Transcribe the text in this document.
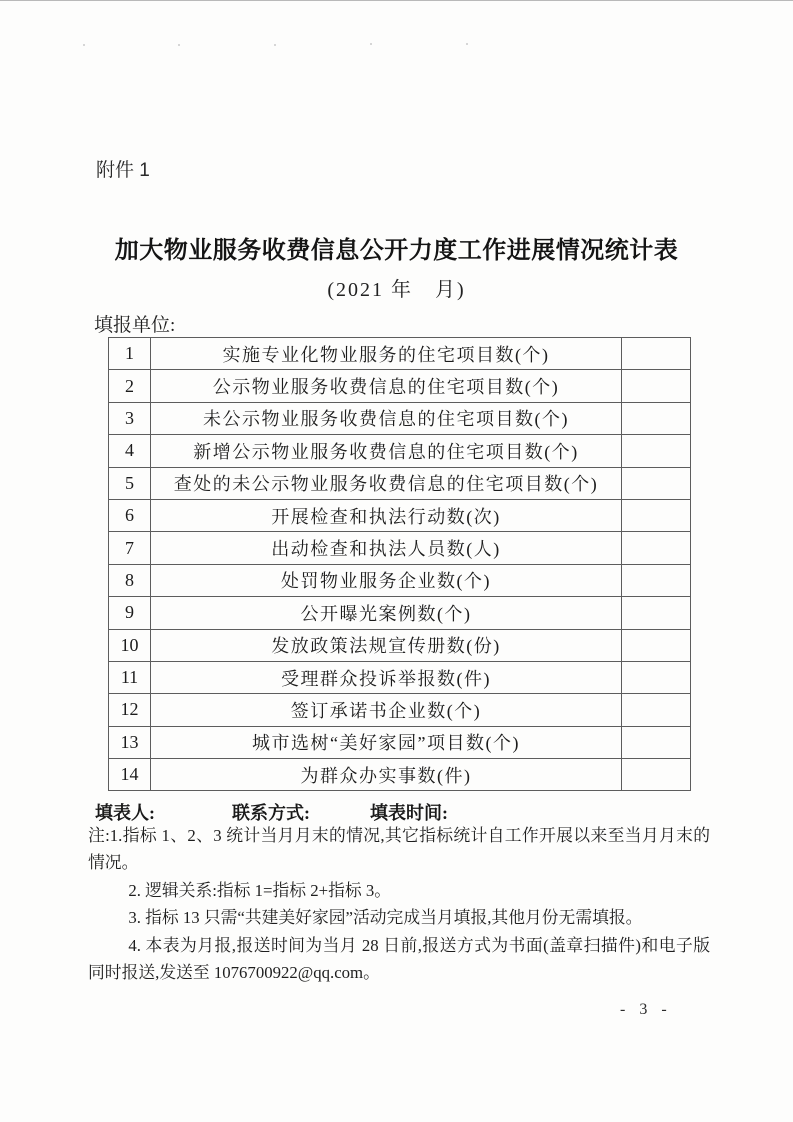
附件 1
加大物业服务收费信息公开力度工作进展情况统计表
(2021 年　月)
填报单位:
1	实施专业化物业服务的住宅项目数(个)	
2	公示物业服务收费信息的住宅项目数(个)	
3	未公示物业服务收费信息的住宅项目数(个)	
4	新增公示物业服务收费信息的住宅项目数(个)	
5	查处的未公示物业服务收费信息的住宅项目数(个)	
6	开展检查和执法行动数(次)	
7	出动检查和执法人员数(人)	
8	处罚物业服务企业数(个)	
9	公开曝光案例数(个)	
10	发放政策法规宣传册数(份)	
11	受理群众投诉举报数(件)	
12	签订承诺书企业数(个)	
13	城市选树“美好家园”项目数(个)	
14	为群众办实事数(件)	
填表人:	联系方式:	填表时间:

注:1.指标 1、2、3 统计当月月末的情况,其它指标统计自工作开展以来至当月月末的情况。

2. 逻辑关系:指标 1=指标 2+指标 3。

3. 指标 13 只需“共建美好家园”活动完成当月填报,其他月份无需填报。

4. 本表为月报,报送时间为当月 28 日前,报送方式为书面(盖章扫描件)和电子版同时报送,发送至 1076700922@qq.com。

- 3 -
